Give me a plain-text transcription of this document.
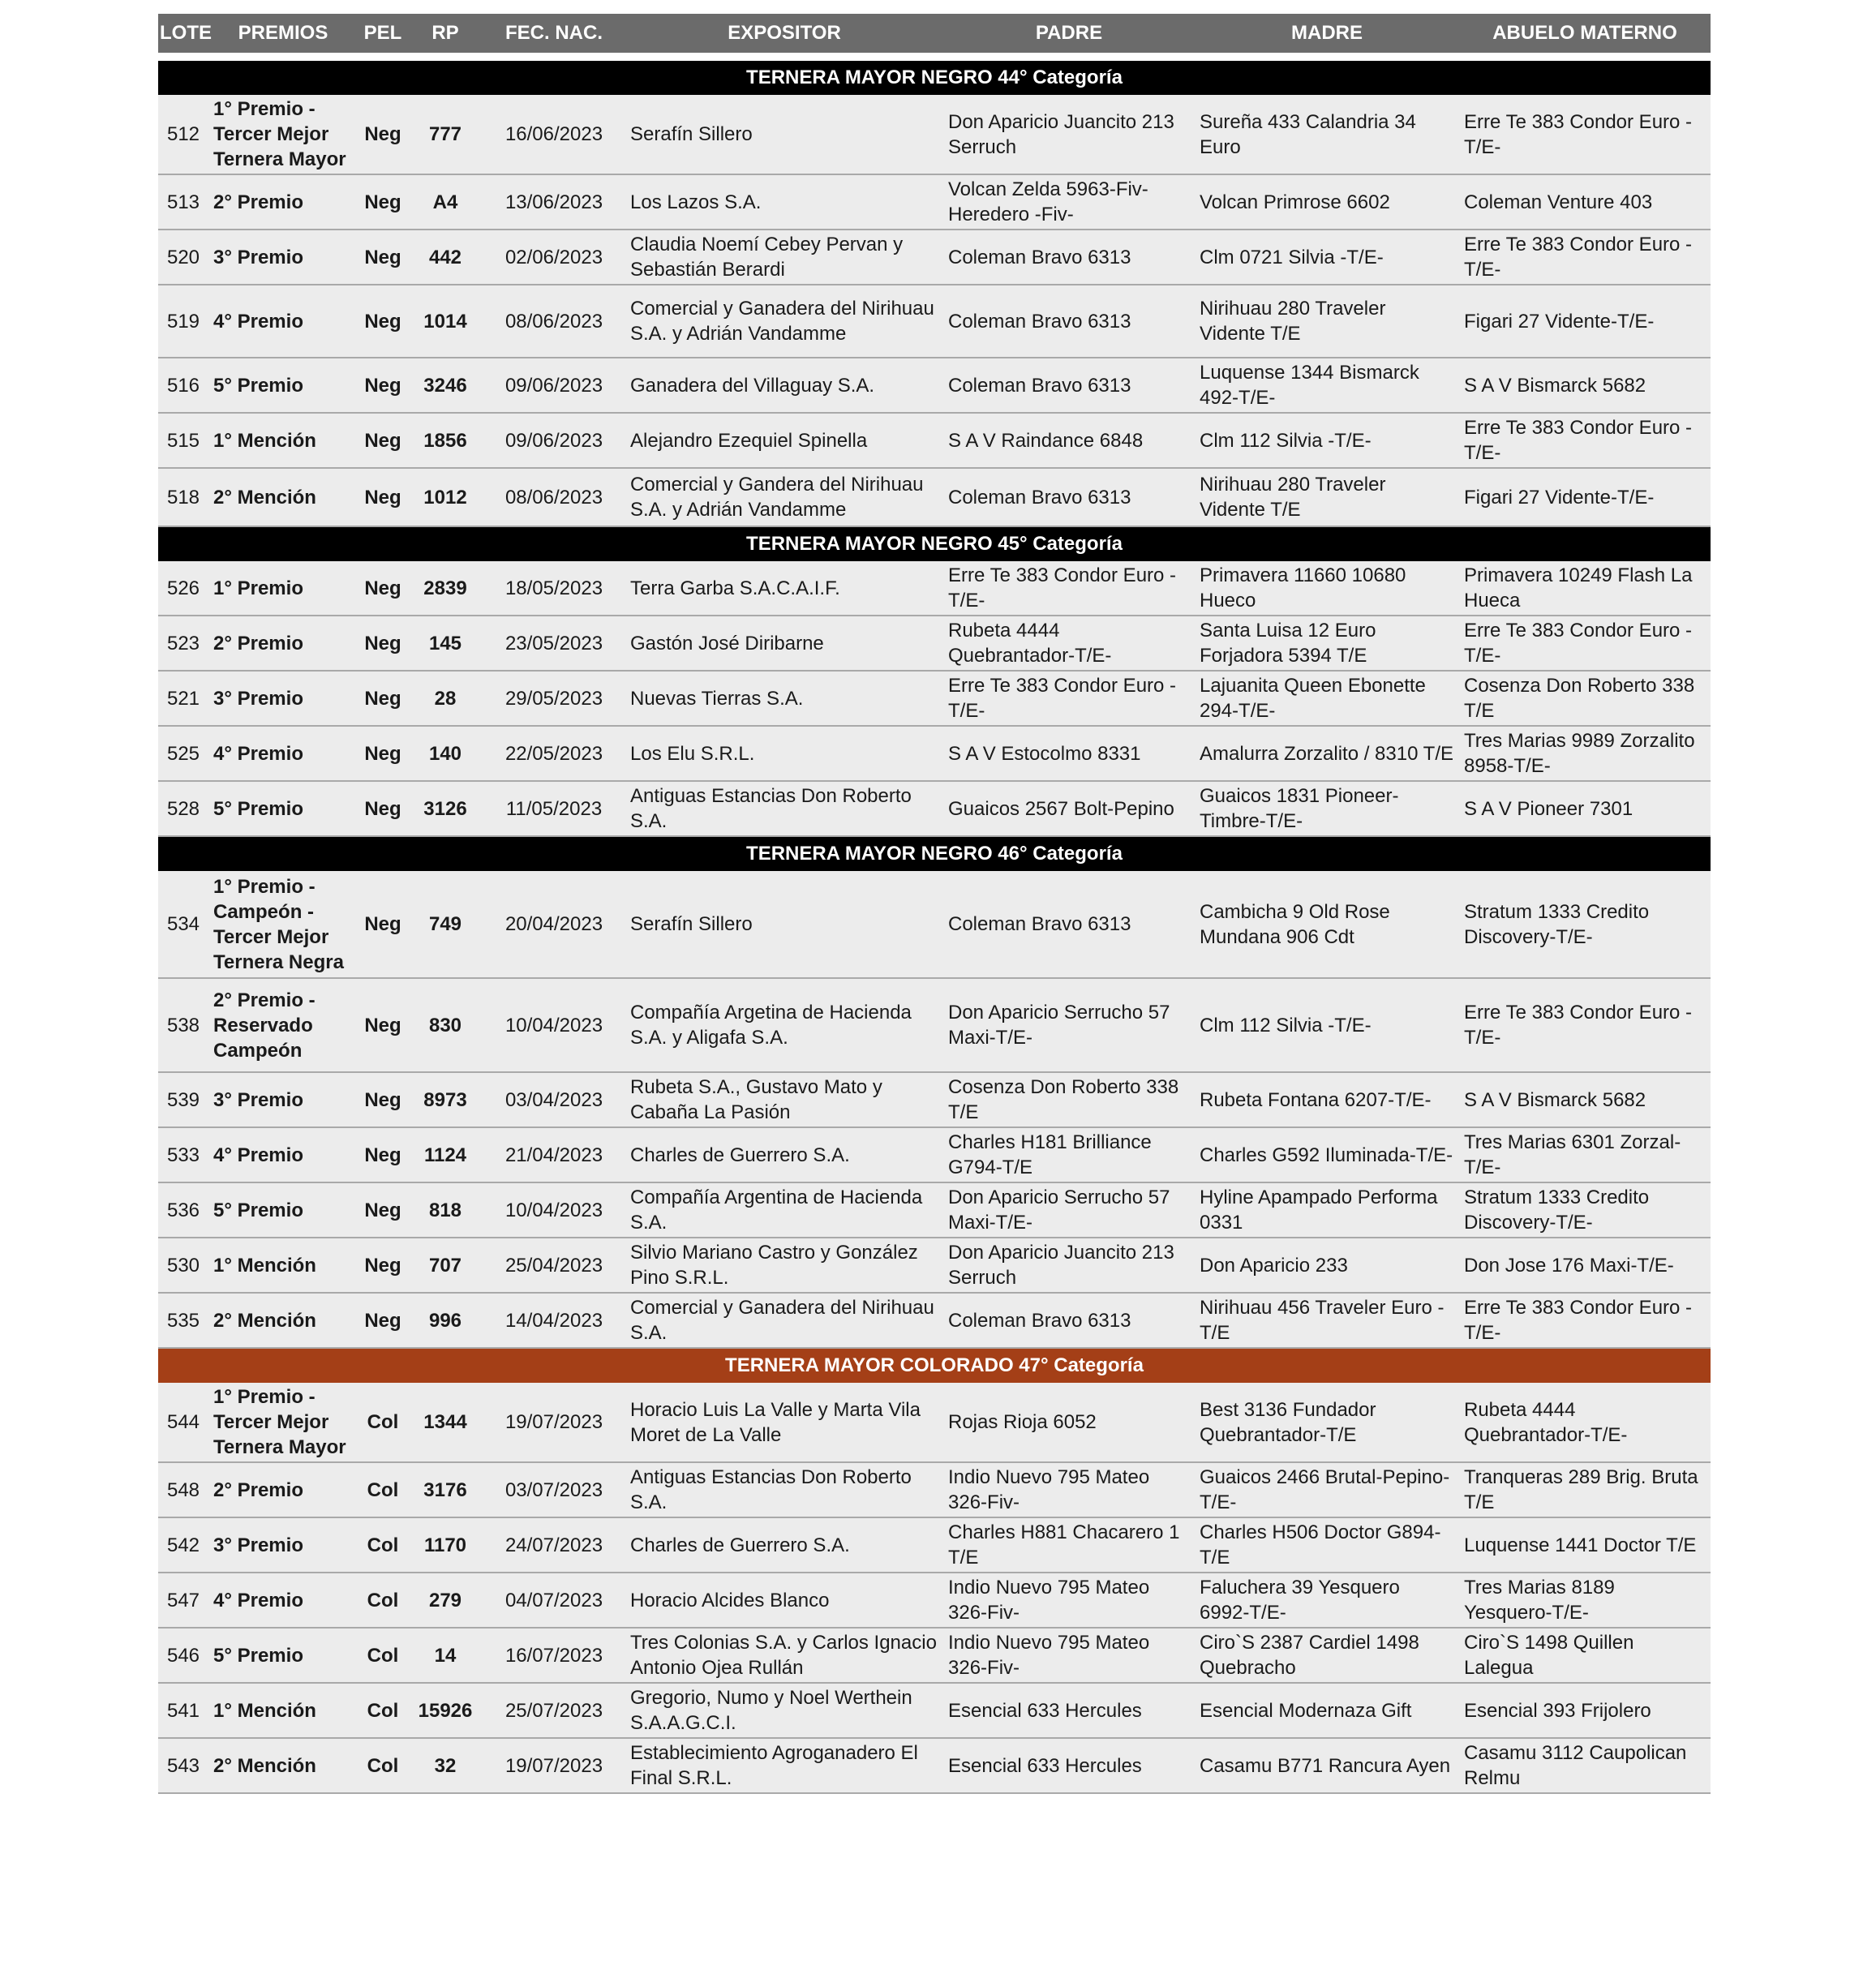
LOTE	PREMIOS	PEL	RP	FEC. NAC.	EXPOSITOR	PADRE	MADRE	ABUELO MATERNO
TERNERA MAYOR NEGRO 44° Categoría								
512	1° Premio - Tercer Mejor Ternera Mayor	Neg	777	16/06/2023	Serafín Sillero	Don Aparicio Juancito 213 Serruch	Sureña 433 Calandria 34 Euro	Erre Te 383 Condor Euro -T/E-
513	2° Premio	Neg	A4	13/06/2023	Los Lazos S.A.	Volcan Zelda 5963-Fiv-Heredero -Fiv-	Volcan Primrose 6602	Coleman Venture 403
520	3° Premio	Neg	442	02/06/2023	Claudia Noemí Cebey Pervan y Sebastián Berardi	Coleman Bravo 6313	Clm 0721 Silvia -T/E-	Erre Te 383 Condor Euro -T/E-
519	4° Premio	Neg	1014	08/06/2023	Comercial y Ganadera del Nirihuau S.A. y Adrián Vandamme	Coleman Bravo 6313	Nirihuau 280 Traveler Vidente T/E	Figari 27 Vidente-T/E-
516	5° Premio	Neg	3246	09/06/2023	Ganadera del Villaguay S.A.	Coleman Bravo 6313	Luquense 1344 Bismarck 492-T/E-	S A V Bismarck 5682
515	1° Mención	Neg	1856	09/06/2023	Alejandro Ezequiel Spinella	S A V Raindance 6848	Clm 112 Silvia -T/E-	Erre Te 383 Condor Euro -T/E-
518	2° Mención	Neg	1012	08/06/2023	Comercial y Gandera del Nirihuau S.A. y Adrián Vandamme	Coleman Bravo 6313	Nirihuau 280 Traveler Vidente T/E	Figari 27 Vidente-T/E-
TERNERA MAYOR NEGRO 45° Categoría								
526	1° Premio	Neg	2839	18/05/2023	Terra Garba S.A.C.A.I.F.	Erre Te 383 Condor Euro -T/E-	Primavera 11660 10680 Hueco	Primavera 10249 Flash La Hueca
523	2° Premio	Neg	145	23/05/2023	Gastón José Diribarne	Rubeta 4444 Quebrantador-T/E-	Santa Luisa 12 Euro Forjadora 5394 T/E	Erre Te 383 Condor Euro -T/E-
521	3° Premio	Neg	28	29/05/2023	Nuevas Tierras S.A.	Erre Te 383 Condor Euro -T/E-	Lajuanita Queen Ebonette 294-T/E-	Cosenza Don Roberto 338 T/E
525	4° Premio	Neg	140	22/05/2023	Los Elu S.R.L.	S A V Estocolmo 8331	Amalurra Zorzalito / 8310 T/E	Tres Marias 9989 Zorzalito 8958-T/E-
528	5° Premio	Neg	3126	11/05/2023	Antiguas Estancias Don Roberto S.A.	Guaicos 2567 Bolt-Pepino	Guaicos 1831 Pioneer-Timbre-T/E-	S A V Pioneer 7301
TERNERA MAYOR NEGRO 46° Categoría								
534	1° Premio - Campeón - Tercer Mejor Ternera Negra	Neg	749	20/04/2023	Serafín Sillero	Coleman Bravo 6313	Cambicha 9 Old Rose Mundana 906 Cdt	Stratum 1333 Credito Discovery-T/E-
538	2° Premio - Reservado Campeón	Neg	830	10/04/2023	Compañía Argetina de Hacienda S.A. y Aligafa S.A.	Don Aparicio Serrucho 57 Maxi-T/E-	Clm 112 Silvia -T/E-	Erre Te 383 Condor Euro -T/E-
539	3° Premio	Neg	8973	03/04/2023	Rubeta S.A., Gustavo Mato y Cabaña La Pasión	Cosenza Don Roberto 338 T/E	Rubeta Fontana 6207-T/E-	S A V Bismarck 5682
533	4° Premio	Neg	1124	21/04/2023	Charles de Guerrero S.A.	Charles H181 Brilliance G794-T/E	Charles G592 Iluminada-T/E-	Tres Marias 6301 Zorzal-T/E-
536	5° Premio	Neg	818	10/04/2023	Compañía Argentina de Hacienda S.A.	Don Aparicio Serrucho 57 Maxi-T/E-	Hyline Apampado Performa 0331	Stratum 1333 Credito Discovery-T/E-
530	1° Mención	Neg	707	25/04/2023	Silvio Mariano Castro y González Pino S.R.L.	Don Aparicio Juancito 213 Serruch	Don Aparicio 233	Don Jose 176 Maxi-T/E-
535	2° Mención	Neg	996	14/04/2023	Comercial y Ganadera del Nirihuau S.A.	Coleman Bravo 6313	Nirihuau 456 Traveler Euro - T/E	Erre Te 383 Condor Euro -T/E-
TERNERA MAYOR COLORADO 47° Categoría								
544	1° Premio - Tercer Mejor Ternera Mayor	Col	1344	19/07/2023	Horacio Luis La Valle y Marta Vila Moret de La Valle	Rojas Rioja 6052	Best 3136 Fundador Quebrantador-T/E	Rubeta 4444 Quebrantador-T/E-
548	2° Premio	Col	3176	03/07/2023	Antiguas Estancias Don Roberto S.A.	Indio Nuevo 795 Mateo 326-Fiv-	Guaicos 2466 Brutal-Pepino-T/E-	Tranqueras 289 Brig. Bruta T/E
542	3° Premio	Col	1170	24/07/2023	Charles de Guerrero S.A.	Charles H881 Chacarero 1 T/E	Charles H506 Doctor G894-T/E	Luquense 1441 Doctor T/E
547	4° Premio	Col	279	04/07/2023	Horacio Alcides Blanco	Indio Nuevo 795 Mateo 326-Fiv-	Faluchera 39 Yesquero 6992-T/E-	Tres Marias 8189 Yesquero-T/E-
546	5° Premio	Col	14	16/07/2023	Tres Colonias S.A. y Carlos Ignacio Antonio Ojea Rullán	Indio Nuevo 795 Mateo 326-Fiv-	Ciro`S 2387 Cardiel 1498 Quebracho	Ciro`S 1498 Quillen Lalegua
541	1° Mención	Col	15926	25/07/2023	Gregorio, Numo y Noel Werthein S.A.A.G.C.I.	Esencial 633 Hercules	Esencial Modernaza Gift	Esencial 393 Frijolero
543	2° Mención	Col	32	19/07/2023	Establecimiento Agroganadero El Final S.R.L.	Esencial 633 Hercules	Casamu B771 Rancura Ayen	Casamu 3112 Caupolican Relmu
